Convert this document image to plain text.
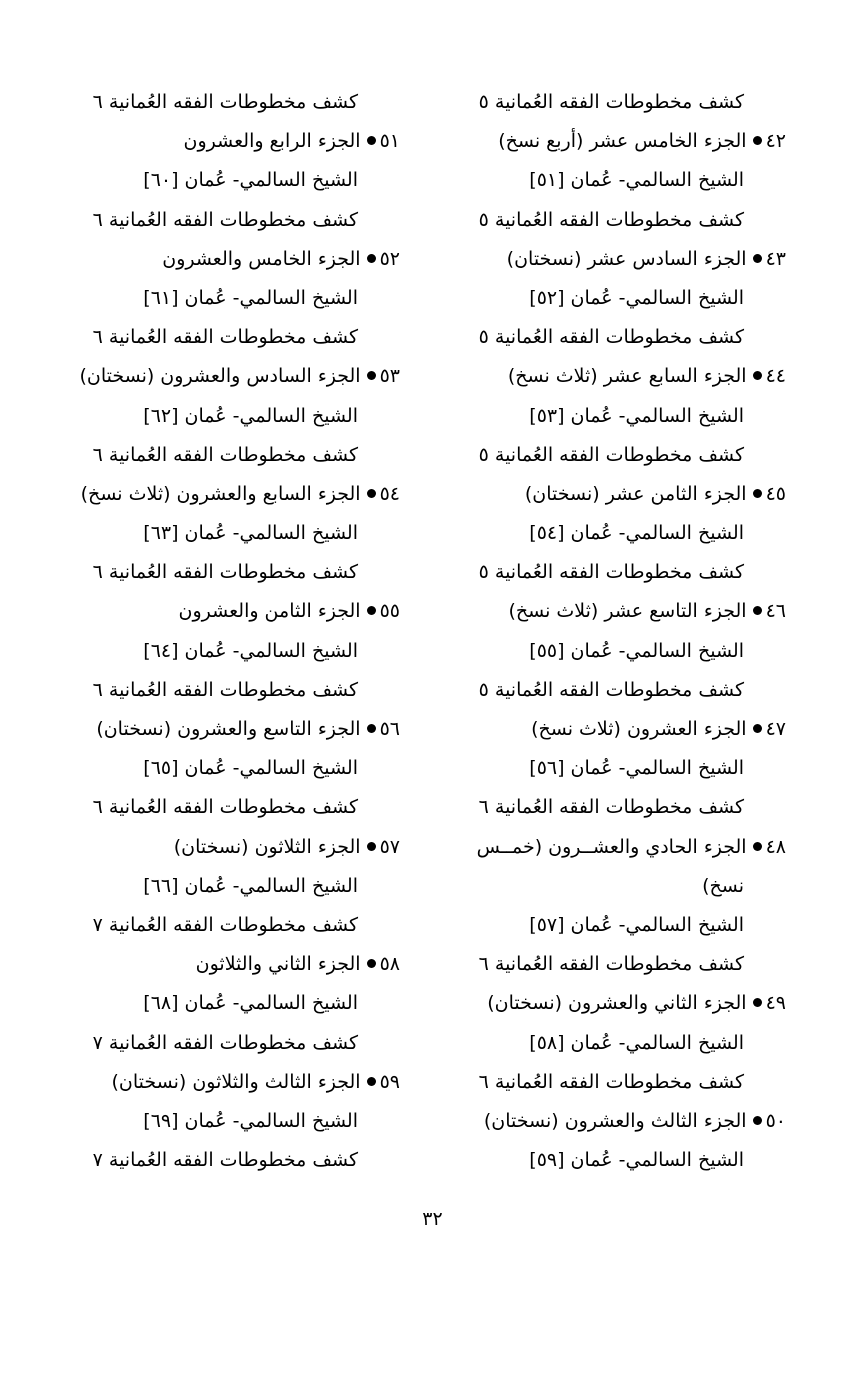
كشف مخطوطات الفقه العُمانية ٥
٤٢الجزء الخامس عشر (أربع نسخ)
الشيخ السالمي- عُمان [٥١]
كشف مخطوطات الفقه العُمانية ٥
٤٣الجزء السادس عشر (نسختان)
الشيخ السالمي- عُمان [٥٢]
كشف مخطوطات الفقه العُمانية ٥
٤٤الجزء السابع عشر (ثلاث نسخ)
الشيخ السالمي- عُمان [٥٣]
كشف مخطوطات الفقه العُمانية ٥
٤٥الجزء الثامن عشر (نسختان)
الشيخ السالمي- عُمان [٥٤]
كشف مخطوطات الفقه العُمانية ٥
٤٦الجزء التاسع عشر (ثلاث نسخ)
الشيخ السالمي- عُمان [٥٥]
كشف مخطوطات الفقه العُمانية ٥
٤٧الجزء العشرون (ثلاث نسخ)
الشيخ السالمي- عُمان [٥٦]
كشف مخطوطات الفقه العُمانية ٦
٤٨الجزء الحادي والعشــرون (خمــس
نسخ)
الشيخ السالمي- عُمان [٥٧]
كشف مخطوطات الفقه العُمانية ٦
٤٩الجزء الثاني والعشرون (نسختان)
الشيخ السالمي- عُمان [٥٨]
كشف مخطوطات الفقه العُمانية ٦
٥٠الجزء الثالث والعشرون (نسختان)
الشيخ السالمي- عُمان [٥٩]
كشف مخطوطات الفقه العُمانية ٦
٥١الجزء الرابع والعشرون
الشيخ السالمي- عُمان [٦٠]
كشف مخطوطات الفقه العُمانية ٦
٥٢الجزء الخامس والعشرون
الشيخ السالمي- عُمان [٦١]
كشف مخطوطات الفقه العُمانية ٦
٥٣الجزء السادس والعشرون (نسختان)
الشيخ السالمي- عُمان [٦٢]
كشف مخطوطات الفقه العُمانية ٦
٥٤الجزء السابع والعشرون (ثلاث نسخ)
الشيخ السالمي- عُمان [٦٣]
كشف مخطوطات الفقه العُمانية ٦
٥٥الجزء الثامن والعشرون
الشيخ السالمي- عُمان [٦٤]
كشف مخطوطات الفقه العُمانية ٦
٥٦الجزء التاسع والعشرون (نسختان)
الشيخ السالمي- عُمان [٦٥]
كشف مخطوطات الفقه العُمانية ٦
٥٧الجزء الثلاثون (نسختان)
الشيخ السالمي- عُمان [٦٦]
كشف مخطوطات الفقه العُمانية ٧
٥٨الجزء الثاني والثلاثون
الشيخ السالمي- عُمان [٦٨]
كشف مخطوطات الفقه العُمانية ٧
٥٩الجزء الثالث والثلاثون (نسختان)
الشيخ السالمي- عُمان [٦٩]
كشف مخطوطات الفقه العُمانية ٧
٣٢
